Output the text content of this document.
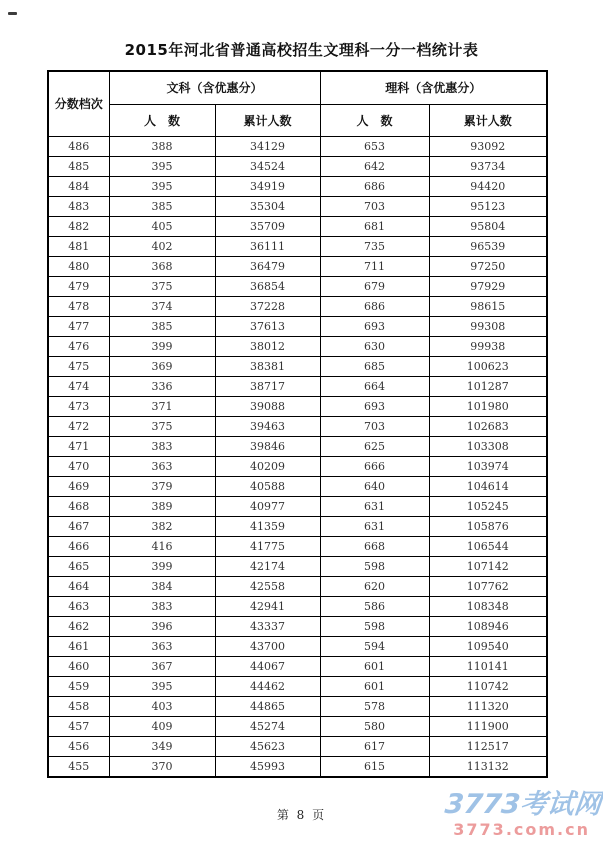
2015年河北省普通高校招生文理科一分一档统计表
分数档次	文科（含优惠分）		理科（含优惠分）	
	人　数	累计人数	人　数	累计人数
486	388	34129	653	93092
485	395	34524	642	93734
484	395	34919	686	94420
483	385	35304	703	95123
482	405	35709	681	95804
481	402	36111	735	96539
480	368	36479	711	97250
479	375	36854	679	97929
478	374	37228	686	98615
477	385	37613	693	99308
476	399	38012	630	99938
475	369	38381	685	100623
474	336	38717	664	101287
473	371	39088	693	101980
472	375	39463	703	102683
471	383	39846	625	103308
470	363	40209	666	103974
469	379	40588	640	104614
468	389	40977	631	105245
467	382	41359	631	105876
466	416	41775	668	106544
465	399	42174	598	107142
464	384	42558	620	107762
463	383	42941	586	108348
462	396	43337	598	108946
461	363	43700	594	109540
460	367	44067	601	110141
459	395	44462	601	110742
458	403	44865	578	111320
457	409	45274	580	111900
456	349	45623	617	112517
455	370	45993	615	113132
第 8 页	3773考试网
3773.com.cn
